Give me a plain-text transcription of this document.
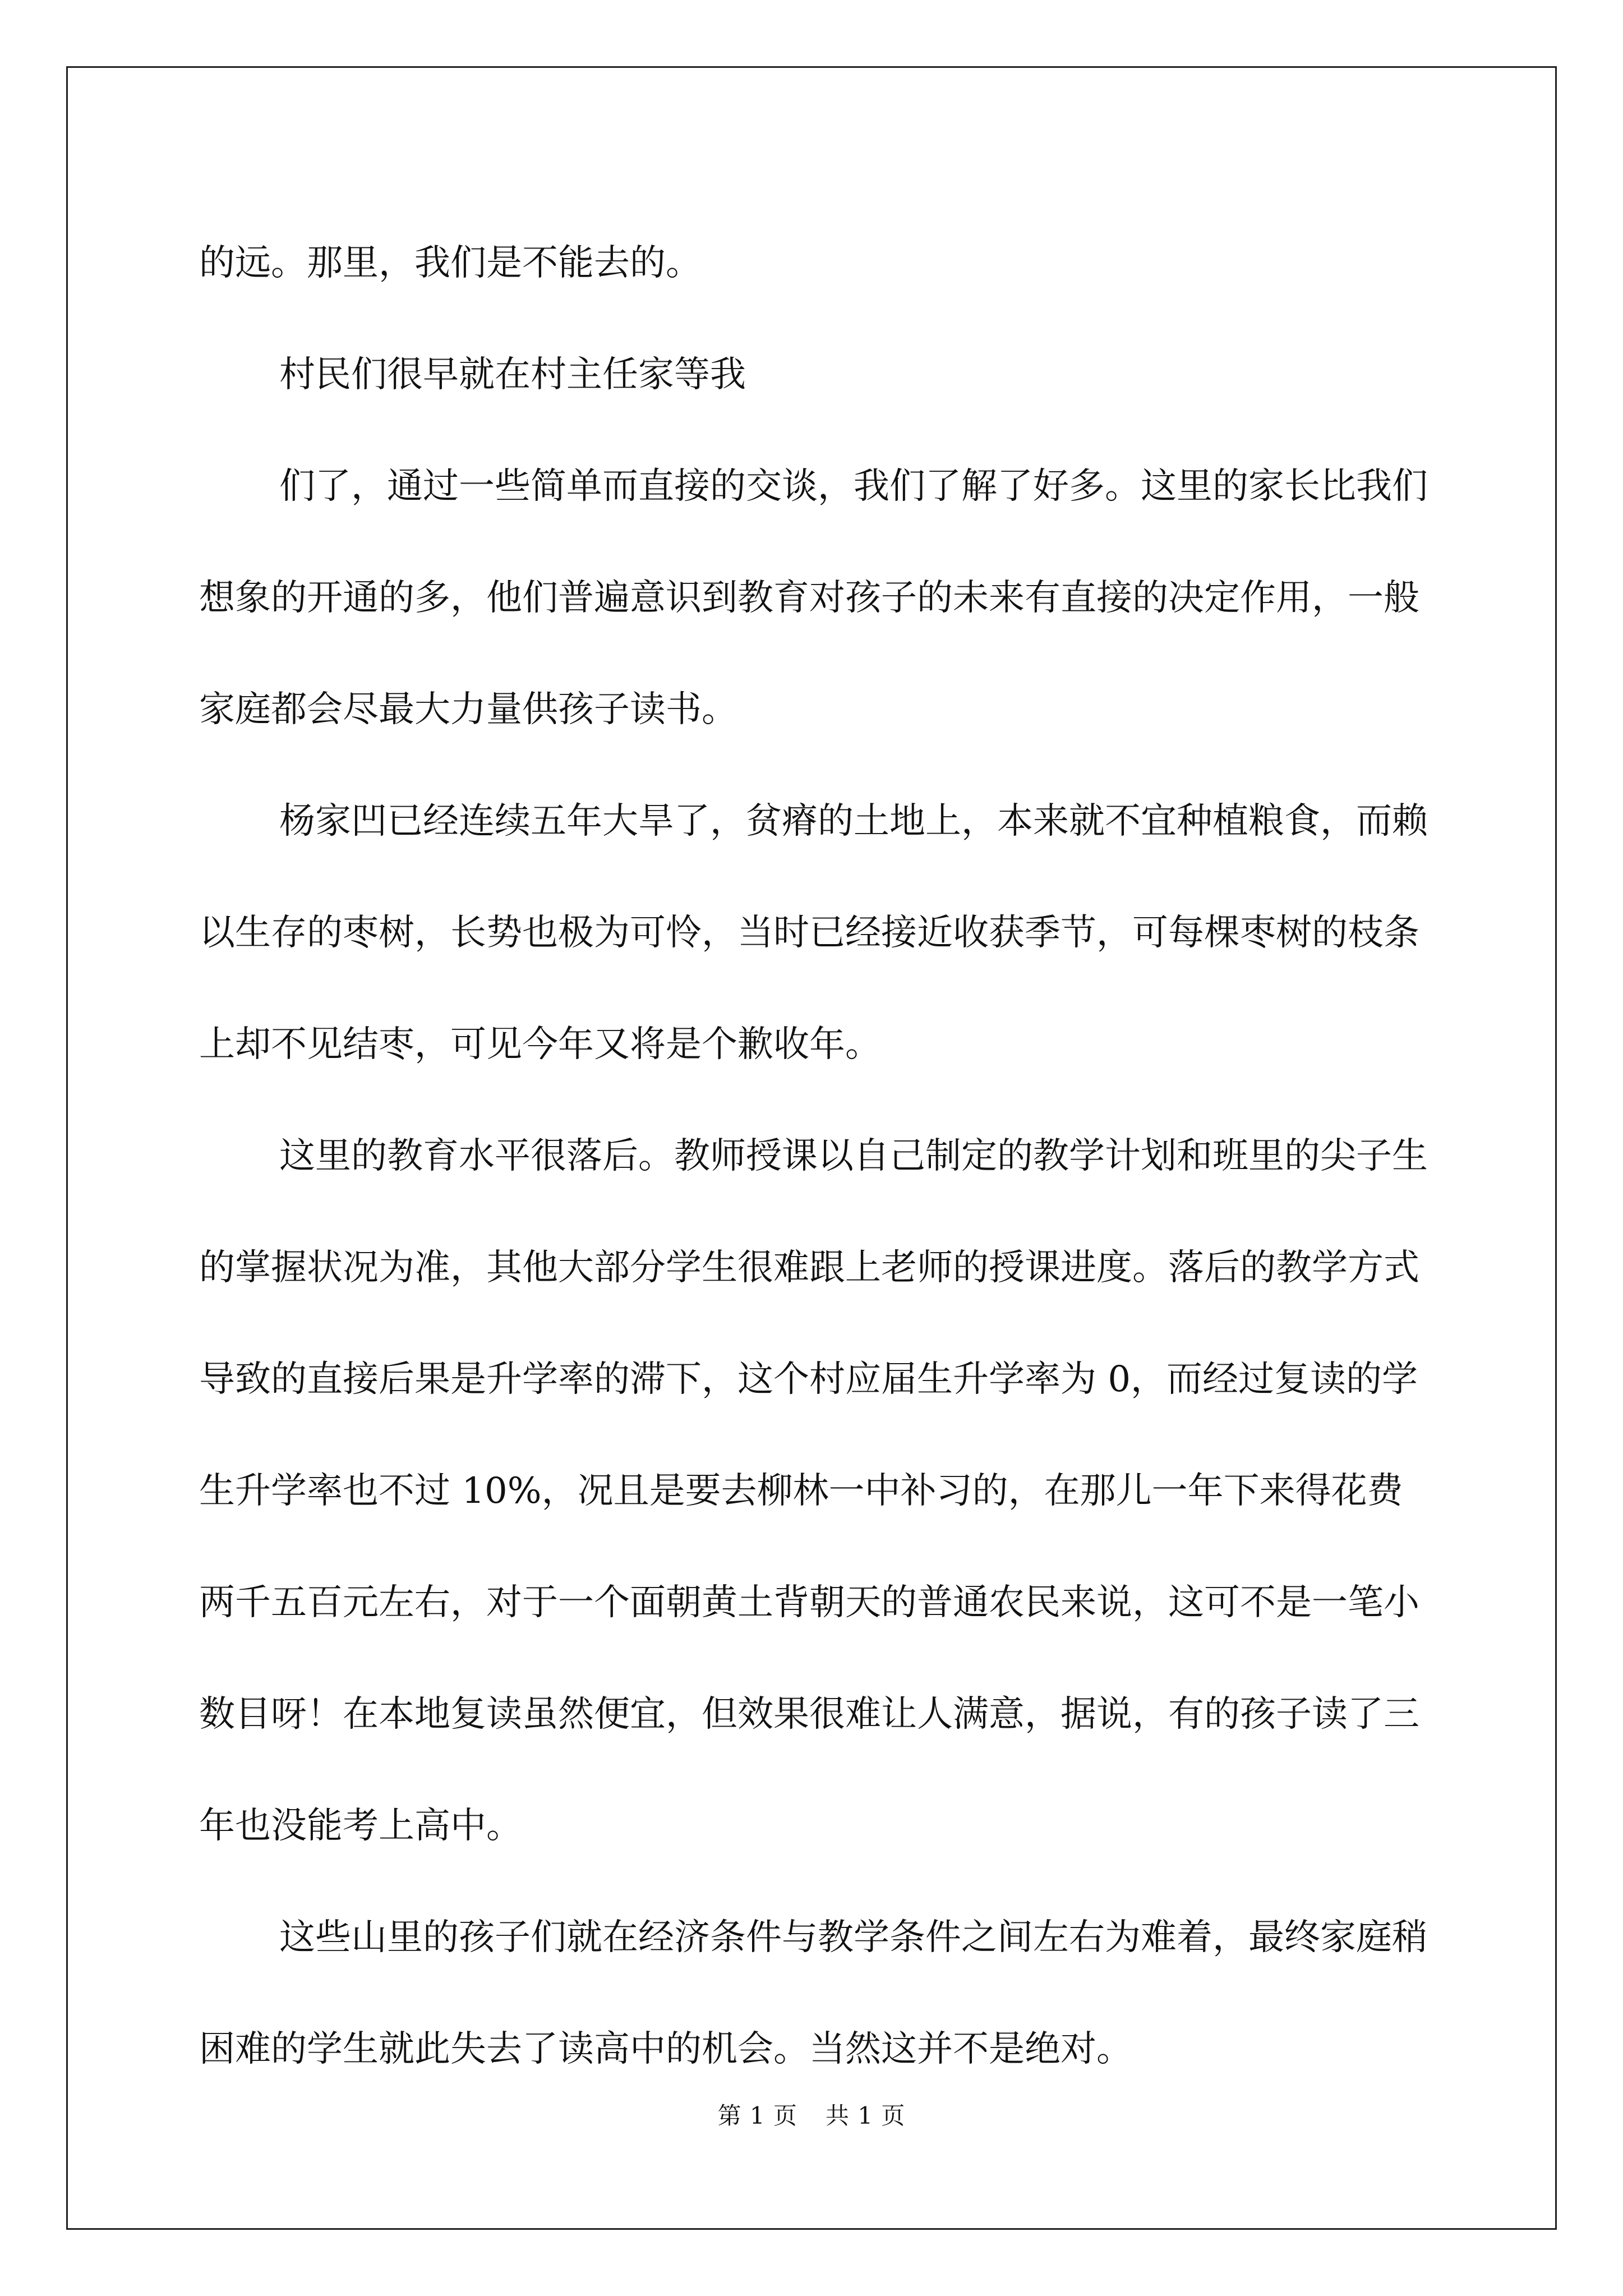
的远。那里，我们是不能去的。

村民们很早就在村主任家等我

们了，通过一些简单而直接的交谈，我们了解了好多。这里的家长比我们想象的开通的多，他们普遍意识到教育对孩子的未来有直接的决定作用，一般家庭都会尽最大力量供孩子读书。

杨家凹已经连续五年大旱了，贫瘠的土地上，本来就不宜种植粮食，而赖以生存的枣树，长势也极为可怜，当时已经接近收获季节，可每棵枣树的枝条上却不见结枣，可见今年又将是个歉收年。

这里的教育水平很落后。教师授课以自己制定的教学计划和班里的尖子生的掌握状况为准，其他大部分学生很难跟上老师的授课进度。落后的教学方式导致的直接后果是升学率的滞下，这个村应届生升学率为 0，而经过复读的学生升学率也不过 10%，况且是要去柳林一中补习的，在那儿一年下来得花费两千五百元左右，对于一个面朝黄土背朝天的普通农民来说，这可不是一笔小数目呀！在本地复读虽然便宜，但效果很难让人满意，据说，有的孩子读了三年也没能考上高中。

这些山里的孩子们就在经济条件与教学条件之间左右为难着，最终家庭稍困难的学生就此失去了读高中的机会。当然这并不是绝对。

第 1 页 共 1 页
